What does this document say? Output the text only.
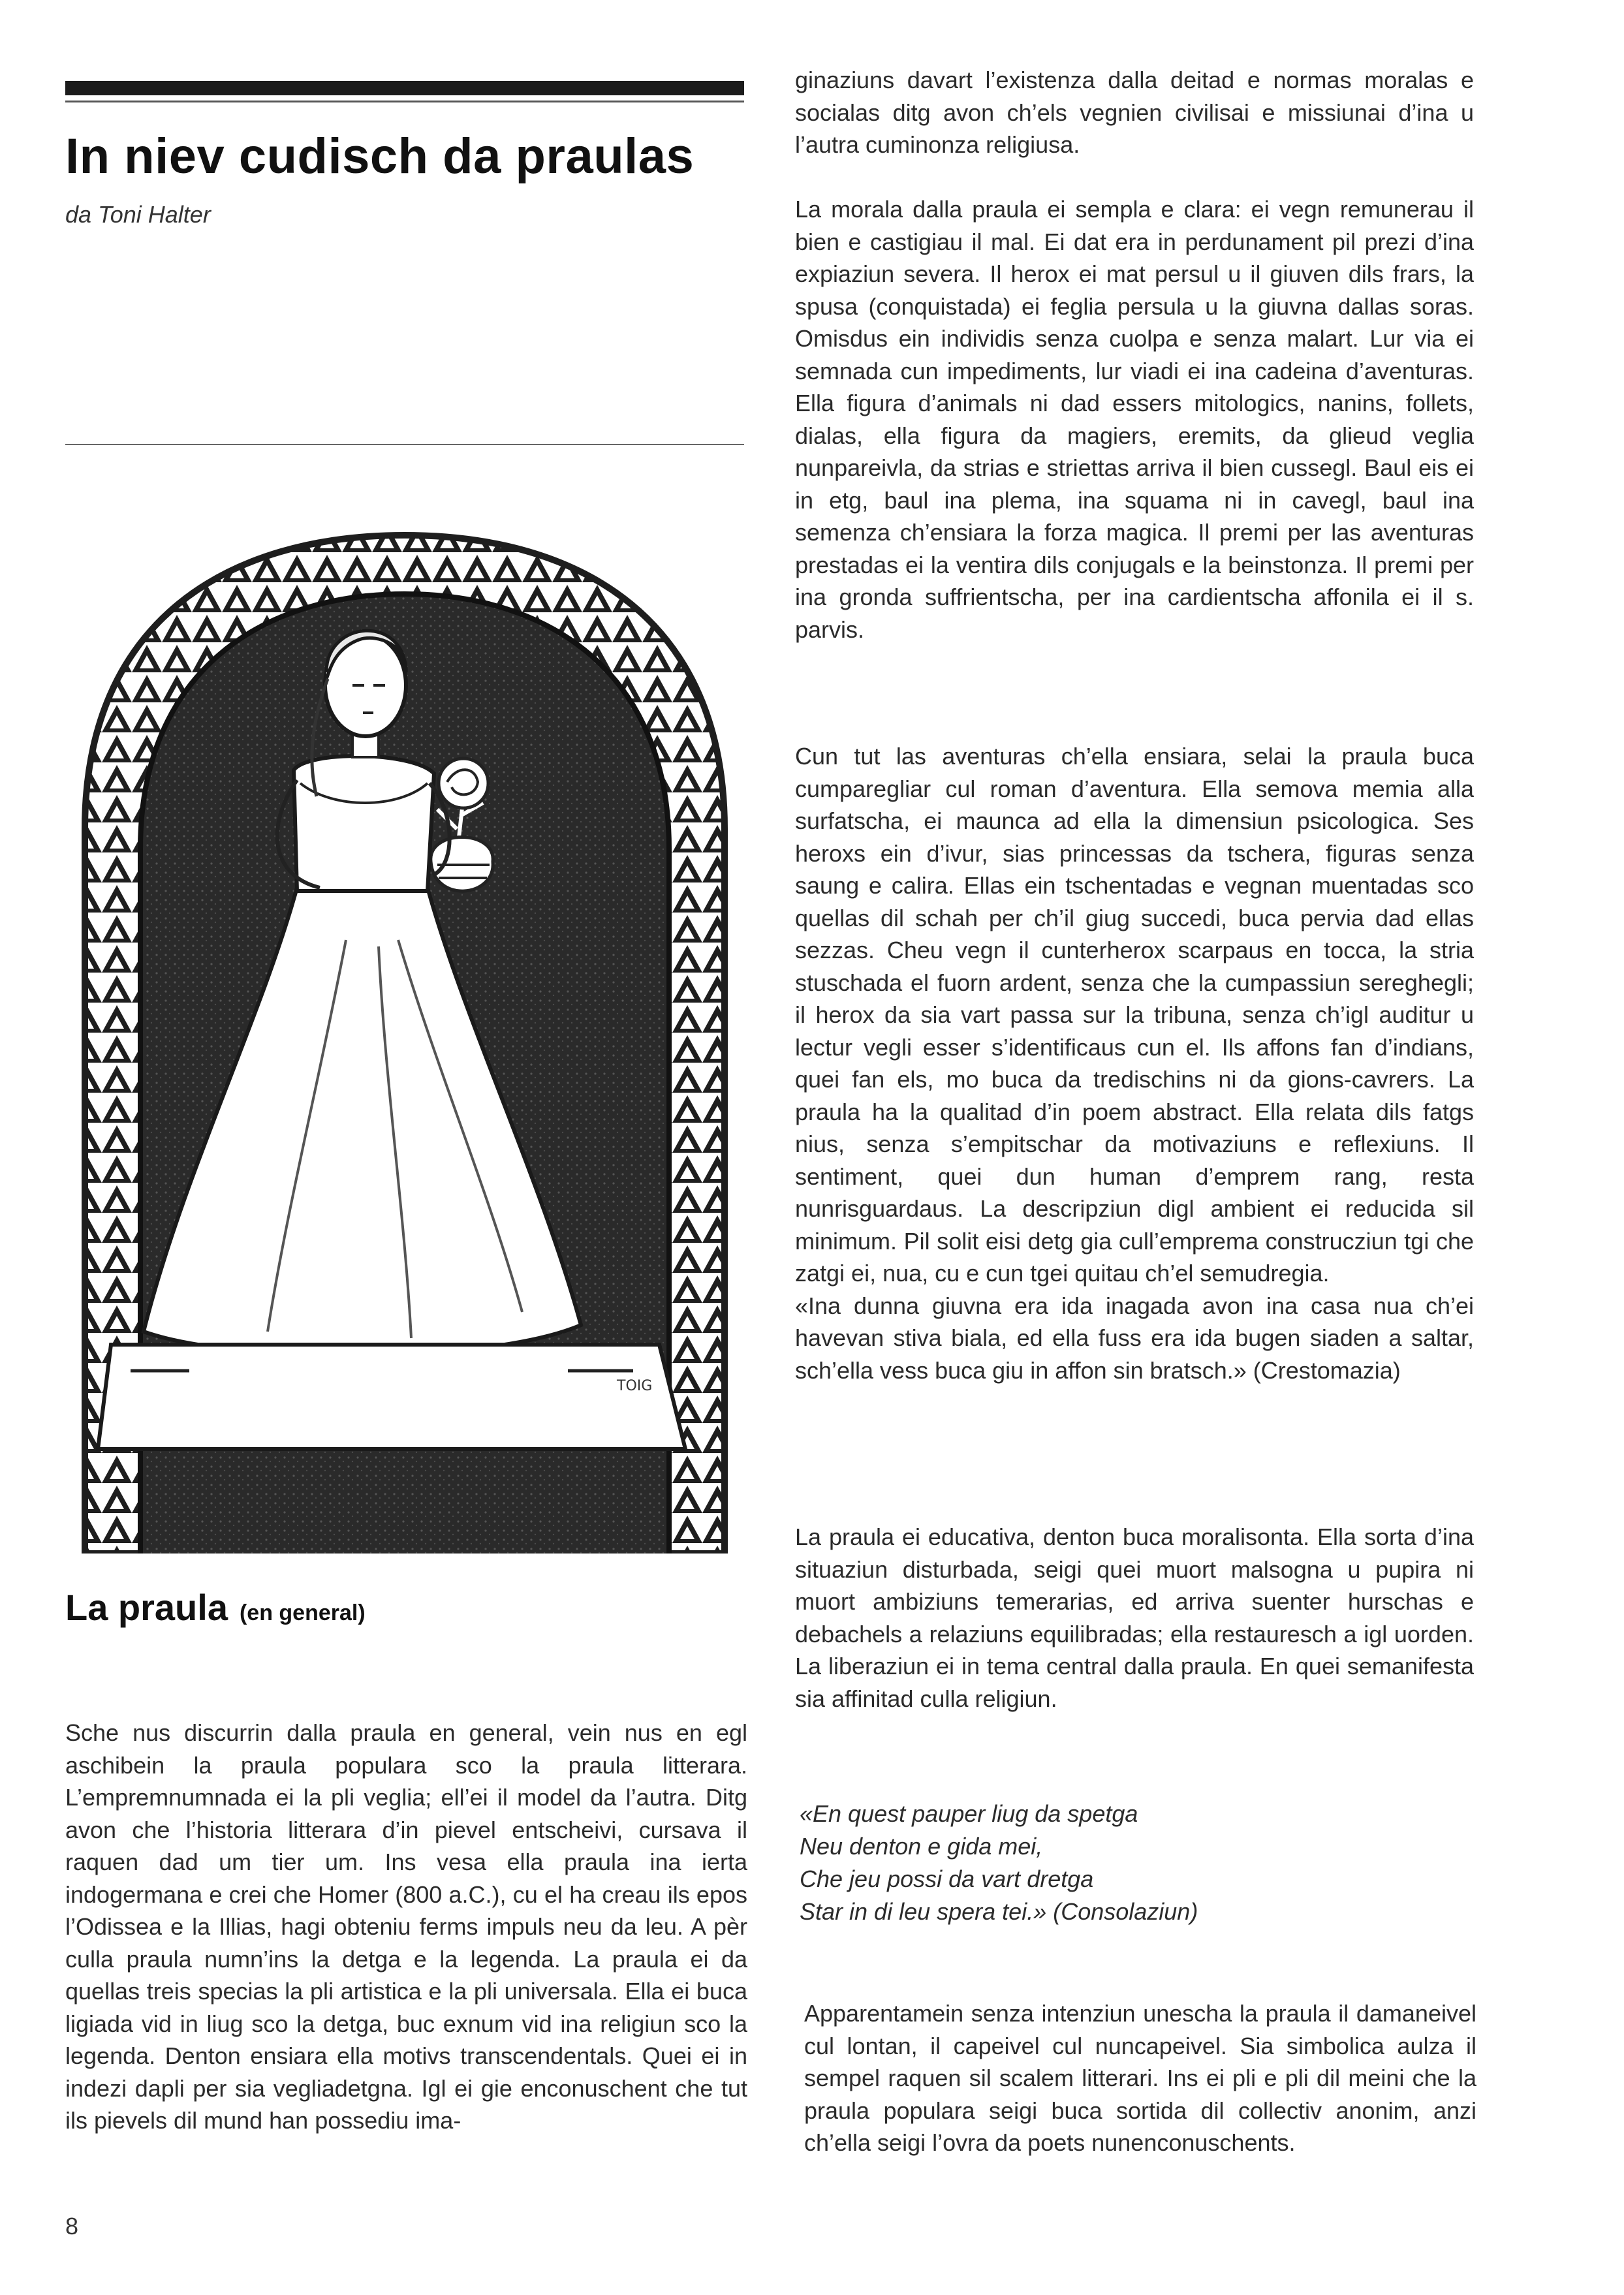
In niev cudisch da praulas
da Toni Halter
TOIG
La praula (en general)

Sche nus discurrin dalla praula en general, vein nus en egl aschibein la praula populara sco la praula litterara. L’empremnumnada ei la pli veglia; ell’ei il model da l’autra. Ditg avon che l’historia litterara d’in pievel entscheivi, cursava il raquen dad um tier um. Ins vesa ella praula ina ierta indogermana e crei che Homer (800 a.C.), cu el ha creau ils epos l’Odissea e la Illias, hagi obteniu ferms impuls neu da leu. A pèr culla praula numn’ins la detga e la legenda. La praula ei da quellas treis specias la pli artistica e la pli universala. Ella ei buca ligiada vid in liug sco la detga, buc exnum vid ina religiun sco la legenda. Denton ensiara ella motivs transcendentals. Quei ei in indezi dapli per sia vegliadetgna. Igl ei gie enconuschent che tut ils pievels dil mund han possediu ima-

ginaziuns davart l’existenza dalla deitad e normas moralas e socialas ditg avon ch’els vegnien civilisai e missiunai d’ina u l’autra cuminonza religiusa.
La morala dalla praula ei sempla e clara: ei vegn remunerau il bien e castigiau il mal. Ei dat era in perdunament pil prezi d’ina expiaziun severa. Il herox ei mat persul u il giuven dils frars, la spusa (conquistada) ei feglia persula u la giuvna dallas soras. Omisdus ein individis senza cuolpa e senza malart. Lur via ei semnada cun impediments, lur viadi ei ina cadeina d’aventuras. Ella figura d’animals ni dad essers mitologics, nanins, follets, dialas, ella figura da magiers, eremits, da glieud veglia nunpareivla, da strias e striettas arriva il bien cussegl. Baul eis ei in etg, baul ina plema, ina squama ni in cavegl, baul ina semenza ch’ensiara la forza magica. Il premi per las aventuras prestadas ei la ventira dils conjugals e la beinstonza. Il premi per ina gronda suffrientscha, per ina cardientscha affonila ei il s. parvis.

Cun tut las aventuras ch’ella ensiara, selai la praula buca cumparegliar cul roman d’aventura. Ella semova memia alla surfatscha, ei maunca ad ella la dimensiun psicologica. Ses heroxs ein d’ivur, sias princessas da tschera, figuras senza saung e calira. Ellas ein tschentadas e vegnan muentadas sco quellas dil schah per ch’il giug succedi, buca pervia dad ellas sezzas. Cheu vegn il cunterherox scarpaus en tocca, la stria stuschada el fuorn ardent, senza che la cumpassiun sereghegli; il herox da sia vart passa sur la tribuna, senza ch’igl auditur u lectur vegli esser s’identificaus cun el. Ils affons fan d’indians, quei fan els, mo buca da tredischins ni da gions-cavrers. La praula ha la qualitad d’in poem abstract. Ella relata dils fatgs nius, senza s’empitschar da motivaziuns e reflexiuns. Il sentiment, quei dun human d’emprem rang, resta nunrisguardaus. La descripziun digl ambient ei reducida sil minimum. Pil solit eisi detg gia cull’emprema construcziun tgi che zatgi ei, nua, cu e cun tgei quitau ch’el semudregia.

«Ina dunna giuvna era ida inagada avon ina casa nua ch’ei havevan stiva biala, ed ella fuss era ida bugen siaden a saltar, sch’ella vess buca giu in affon sin bratsch.» (Crestomazia)

La praula ei educativa, denton buca moralisonta. Ella sorta d’ina situaziun disturbada, seigi quei muort malsogna u pupira ni muort ambiziuns temerarias, ed arriva suenter hurschas e debachels a relaziuns equilibradas; ella restauresch a igl uorden. La liberaziun ei in tema central dalla praula. En quei semanifesta sia affinitad culla religiun.
«En quest pauper liug da spetga
Neu denton e gida mei,
Che jeu possi da vart dretga
Star in di leu spera tei.» (Consolaziun)
Apparentamein senza intenziun unescha la praula il damaneivel cul lontan, il capeivel cul nuncapeivel. Sia simbolica aulza il sempel raquen sil scalem litterari. Ins ei pli e pli dil meini che la praula populara seigi buca sortida dil collectiv anonim, anzi ch’ella seigi l’ovra da poets nunenconuschents.
8
